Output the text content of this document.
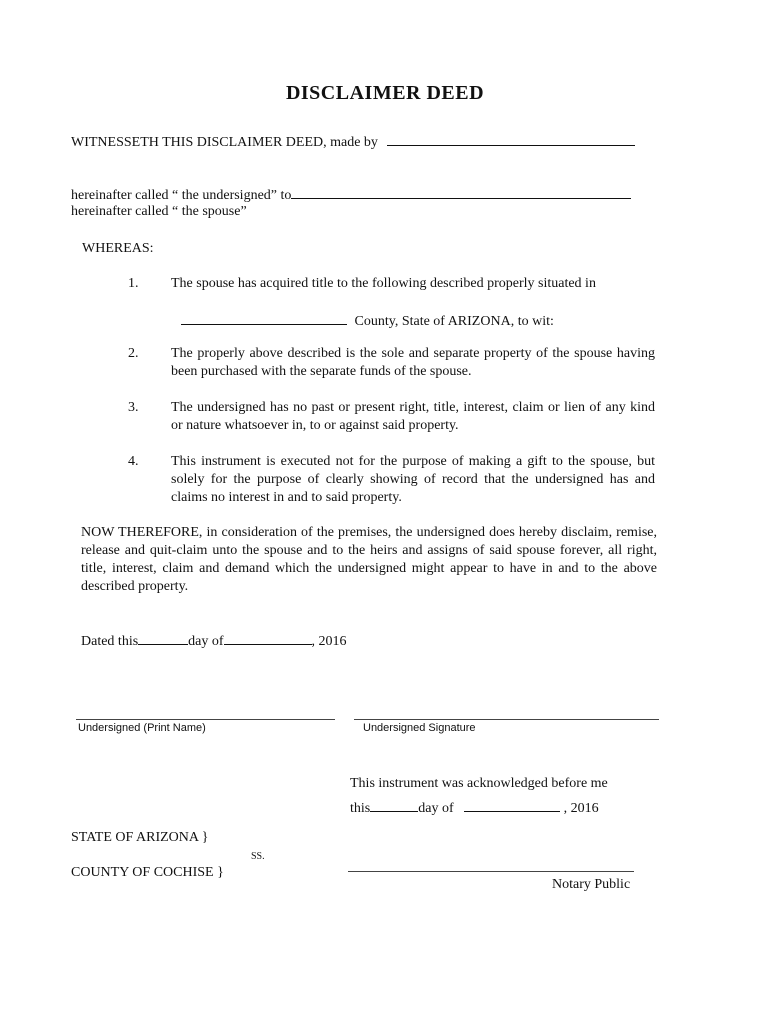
DISCLAIMER DEED
WITNESSETH THIS DISCLAIMER DEED, made by
hereinafter called “ the undersigned” to
hereinafter called “ the spouse”
WHEREAS:
1.	The spouse has acquired title to the following described properly situated in
County, State of ARIZONA, to wit:
2.	The properly above described is the sole and separate property of the spouse having been purchased with the separate funds of the spouse.
3.	The undersigned has no past or present right, title, interest, claim or lien of any kind or nature whatsoever in, to or against said property.
4.	This instrument is executed not for the purpose of making a gift to the spouse, but solely for the purpose of clearly showing of record that the undersigned has and claims no interest in and to said property.
NOW THEREFORE, in consideration of the premises, the undersigned does hereby disclaim, remise, release and quit-claim unto the spouse and to the heirs and assigns of said spouse forever, all right, title, interest, claim and demand which the undersigned might appear to have in and to the above described property.
Dated this	day of	, 2016
Undersigned (Print Name)	Undersigned Signature
This instrument was acknowledged before me
this	day of	, 2016
STATE OF ARIZONA }
SS.
COUNTY OF COCHISE }
Notary Public
